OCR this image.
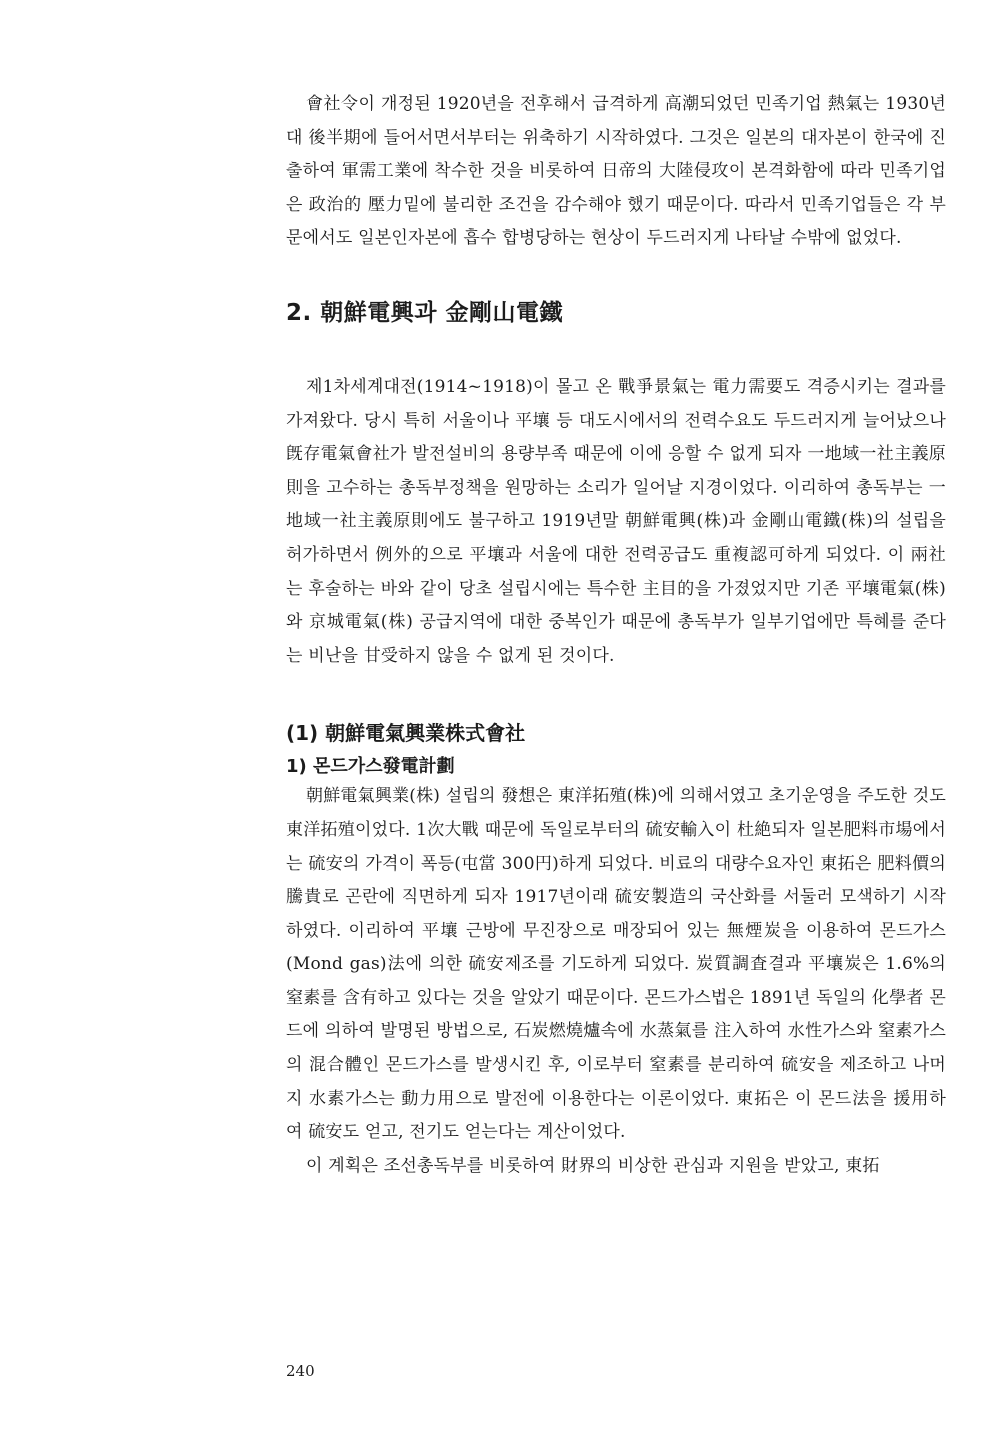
會社令이 개정된 1920년을 전후해서 급격하게 高潮되었던 민족기업 熱氣는 1930년대 後半期에 들어서면서부터는 위축하기 시작하였다. 그것은 일본의 대자본이 한국에 진출하여 軍需工業에 착수한 것을 비롯하여 日帝의 大陸侵攻이 본격화함에 따라 민족기업은 政治的 壓力밑에 불리한 조건을 감수해야 했기 때문이다. 따라서 민족기업들은 각 부문에서도 일본인자본에 흡수 합병당하는 현상이 두드러지게 나타날 수밖에 없었다.

2. 朝鮮電興과 金剛山電鐵

제1차세계대전(1914~1918)이 몰고 온 戰爭景氣는 電力需要도 격증시키는 결과를 가져왔다. 당시 특히 서울이나 平壤 등 대도시에서의 전력수요도 두드러지게 늘어났으나 旣存電氣會社가 발전설비의 용량부족 때문에 이에 응할 수 없게 되자 一地域一社主義原則을 고수하는 총독부정책을 원망하는 소리가 일어날 지경이었다. 이리하여 총독부는 一地域一社主義原則에도 불구하고 1919년말 朝鮮電興(株)과 金剛山電鐵(株)의 설립을 허가하면서 例外的으로 平壤과 서울에 대한 전력공급도 重複認可하게 되었다. 이 兩社는 후술하는 바와 같이 당초 설립시에는 특수한 主目的을 가졌었지만 기존 平壤電氣(株)와 京城電氣(株) 공급지역에 대한 중복인가 때문에 총독부가 일부기업에만 특혜를 준다는 비난을 甘受하지 않을 수 없게 된 것이다.

(1) 朝鮮電氣興業株式會社
1) 몬드가스發電計劃

朝鮮電氣興業(株) 설립의 發想은 東洋拓殖(株)에 의해서였고 초기운영을 주도한 것도 東洋拓殖이었다. 1次大戰 때문에 독일로부터의 硫安輸入이 杜絶되자 일본肥料市場에서는 硫安의 가격이 폭등(屯當 300円)하게 되었다. 비료의 대량수요자인 東拓은 肥料價의 騰貴로 곤란에 직면하게 되자 1917년이래 硫安製造의 국산화를 서둘러 모색하기 시작하였다. 이리하여 平壤 근방에 무진장으로 매장되어 있는 無煙炭을 이용하여 몬드가스(Mond gas)法에 의한 硫安제조를 기도하게 되었다. 炭質調査결과 平壤炭은 1.6%의 窒素를 含有하고 있다는 것을 알았기 때문이다. 몬드가스법은 1891년 독일의 化學者 몬드에 의하여 발명된 방법으로, 石炭燃燒爐속에 水蒸氣를 注入하여 水性가스와 窒素가스의 混合體인 몬드가스를 발생시킨 후, 이로부터 窒素를 분리하여 硫安을 제조하고 나머지 水素가스는 動力用으로 발전에 이용한다는 이론이었다. 東拓은 이 몬드法을 援用하여 硫安도 얻고, 전기도 얻는다는 계산이었다.

이 계획은 조선총독부를 비롯하여 財界의 비상한 관심과 지원을 받았고, 東拓

240
